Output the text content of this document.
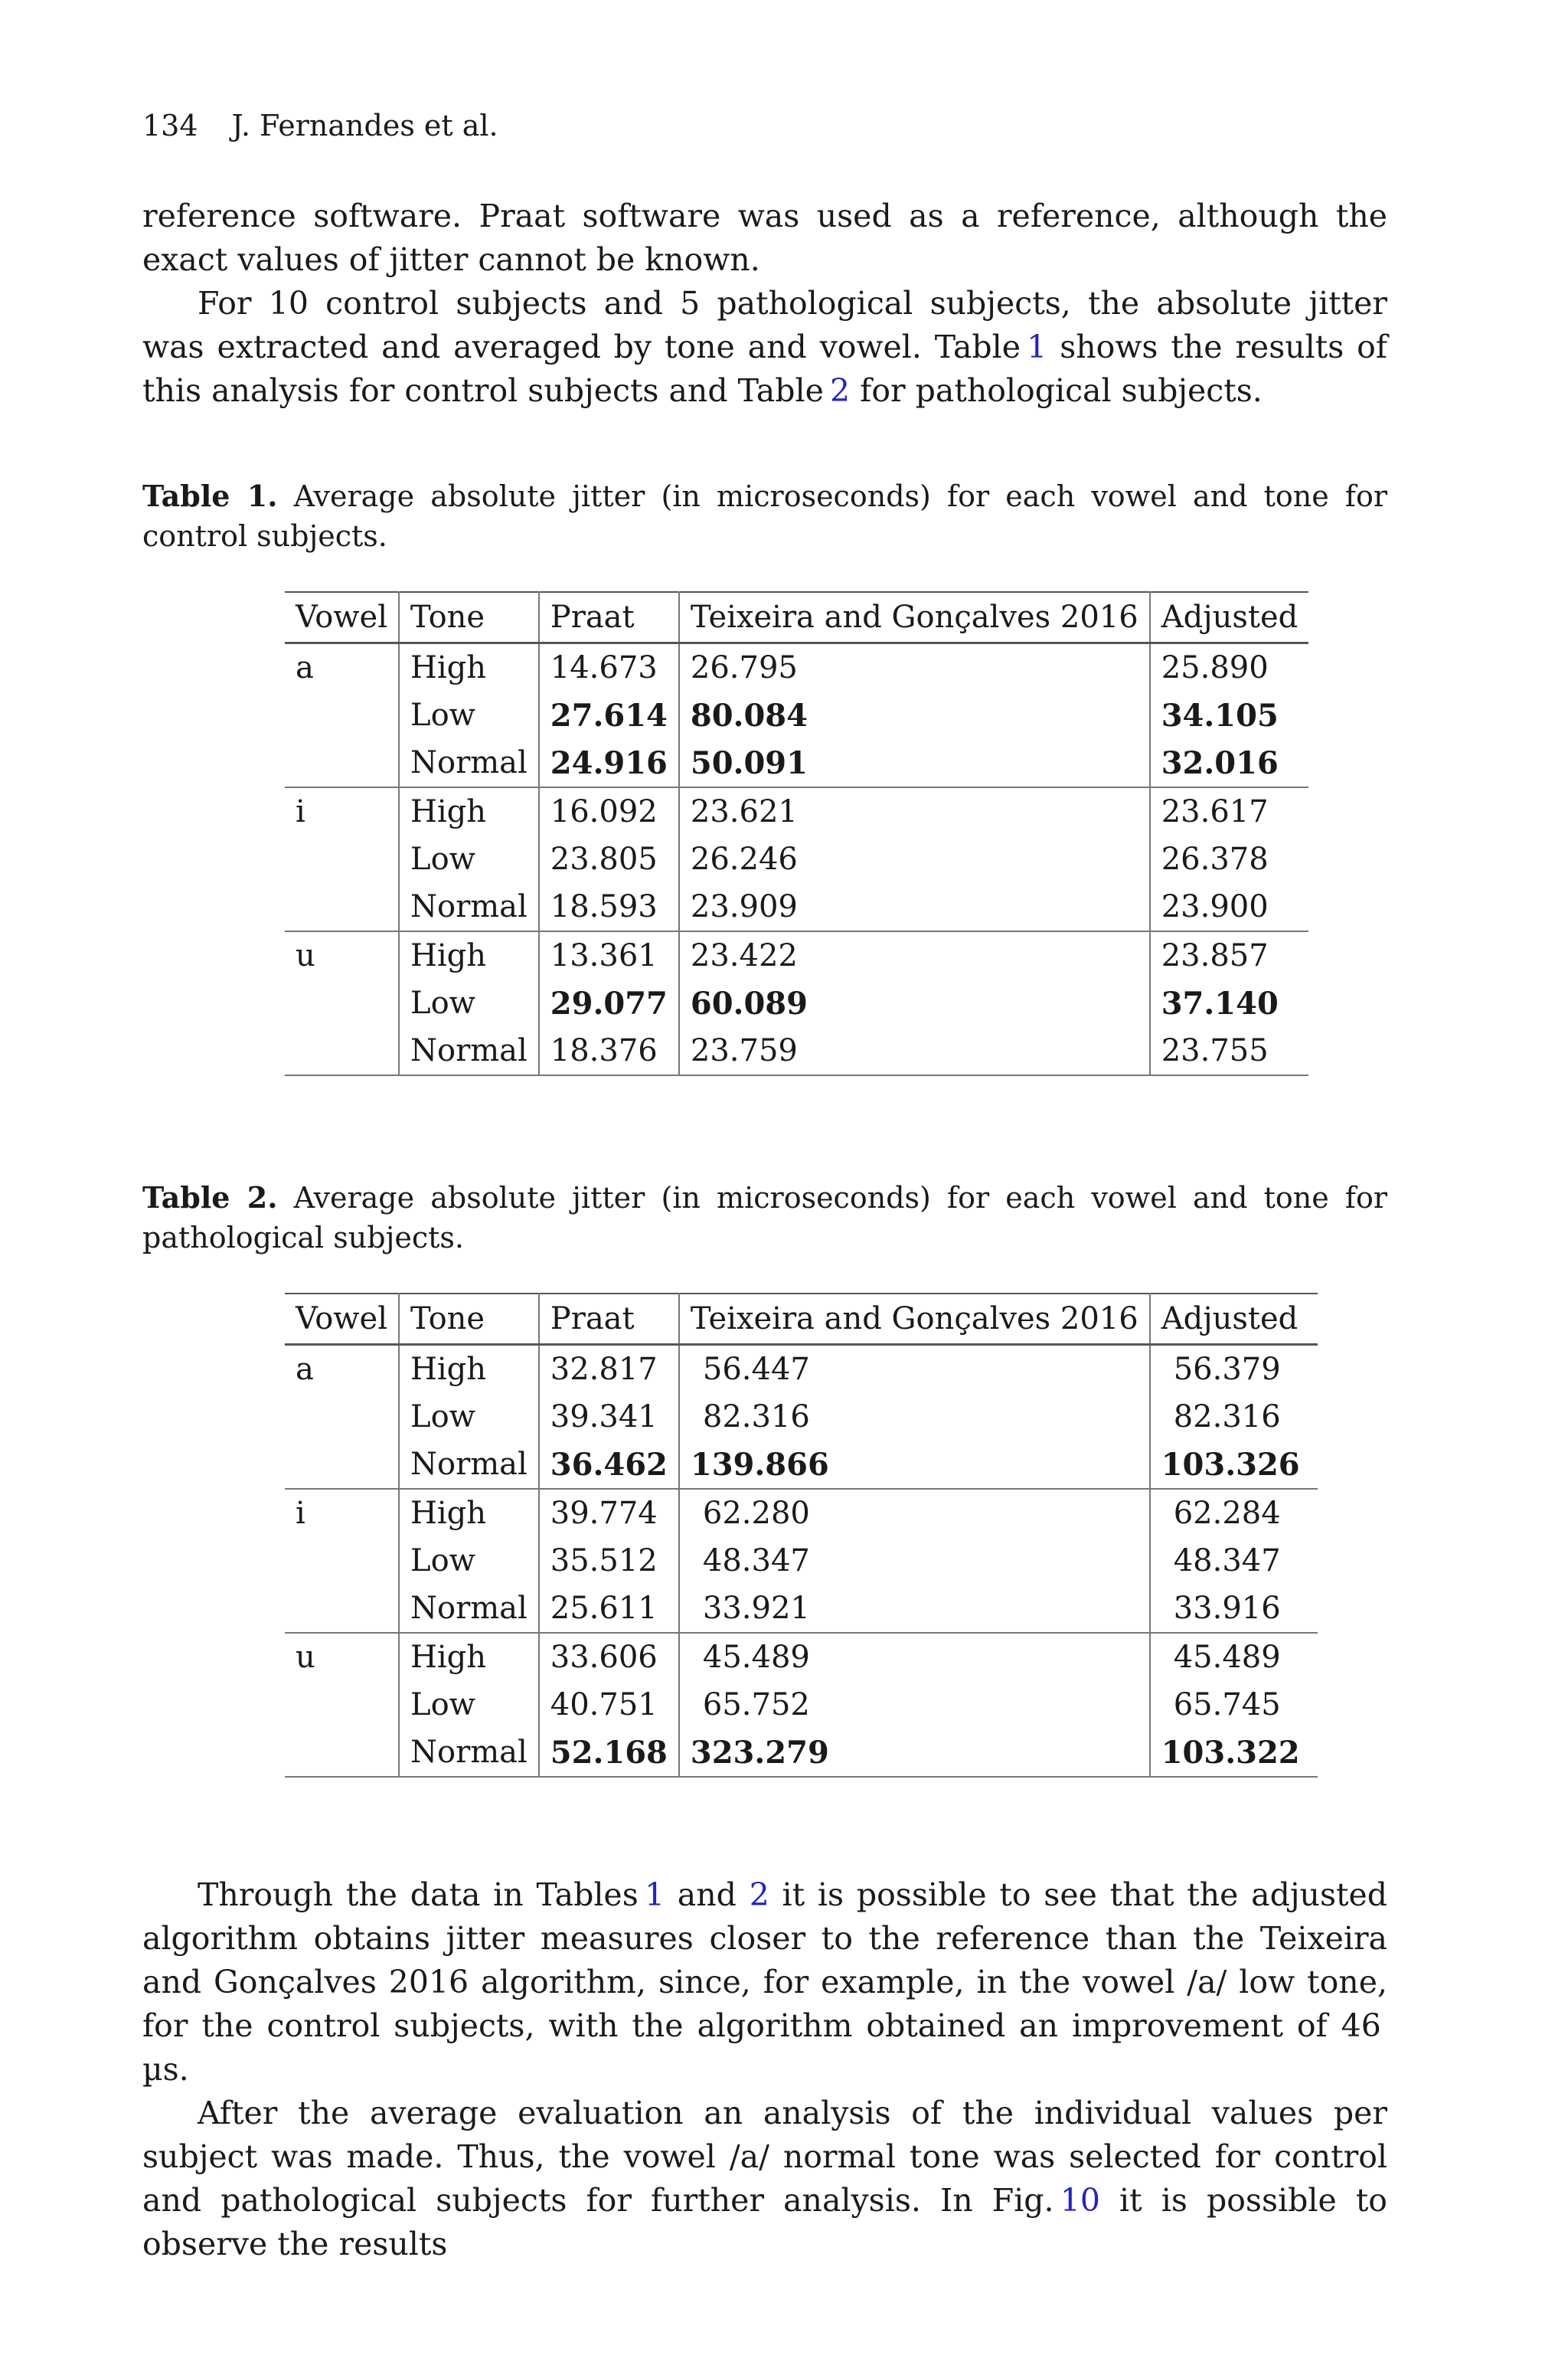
134 J. Fernandes et al.

reference software. Praat software was used as a reference, although the exact values of jitter cannot be known.

For 10 control subjects and 5 pathological subjects, the absolute jitter was extracted and averaged by tone and vowel. Table 1 shows the results of this analysis for control subjects and Table 2 for pathological subjects.

Table 1. Average absolute jitter (in microseconds) for each vowel and tone for control subjects.
Vowel	Tone	Praat	Teixeira and Gonçalves 2016	Adjusted
a	High	14.673	26.795	25.890
	Low	27.614	80.084	34.105
	Normal	24.916	50.091	32.016
i	High	16.092	23.621	23.617
	Low	23.805	26.246	26.378
	Normal	18.593	23.909	23.900
u	High	13.361	23.422	23.857
	Low	29.077	60.089	37.140
	Normal	18.376	23.759	23.755
Table 2. Average absolute jitter (in microseconds) for each vowel and tone for pathological subjects.
Vowel	Tone	Praat	Teixeira and Gonçalves 2016	Adjusted
a	High	32.817	56.447	56.379
	Low	39.341	82.316	82.316
	Normal	36.462	139.866	103.326
i	High	39.774	62.280	62.284
	Low	35.512	48.347	48.347
	Normal	25.611	33.921	33.916
u	High	33.606	45.489	45.489
	Low	40.751	65.752	65.745
	Normal	52.168	323.279	103.322

Through the data in Tables 1 and 2 it is possible to see that the adjusted algorithm obtains jitter measures closer to the reference than the Teixeira and Gonçalves 2016 algorithm, since, for example, in the vowel /a/ low tone, for the control subjects, with the algorithm obtained an improvement of 46 µs.

After the average evaluation an analysis of the individual values per subject was made. Thus, the vowel /a/ normal tone was selected for control and pathological subjects for further analysis. In Fig. 10 it is possible to observe the results
